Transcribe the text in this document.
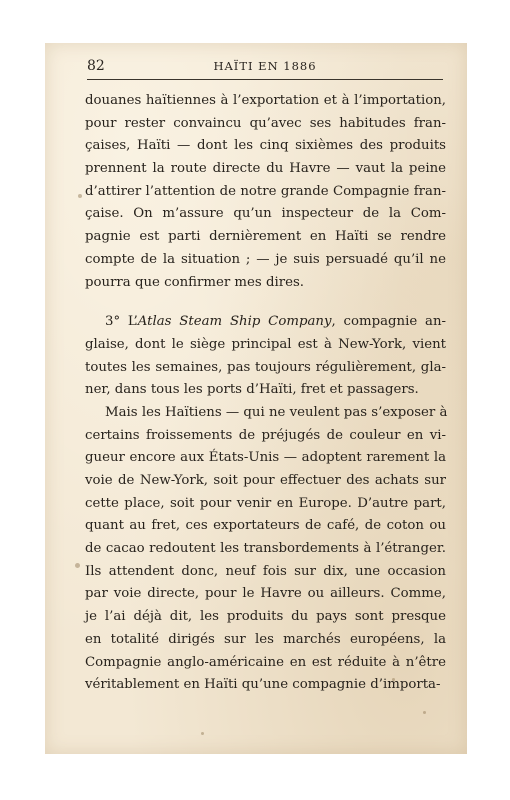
82	HAÏTI EN 1886
douanes haïtiennes à l’exportation et à l’importation,
pour rester convaincu qu’avec ses habitudes fran-
çaises, Haïti — dont les cinq sixièmes des produits
prennent la route directe du Havre — vaut la peine
d’attirer l’attention de notre grande Compagnie fran-
çaise. On m’assure qu’un inspecteur de la Com-
pagnie est parti dernièrement en Haïti se rendre
compte de la situation ; — je suis persuadé qu’il ne
pourra que confirmer mes dires.
3° L’Atlas Steam Ship Company, compagnie an-
glaise, dont le siège principal est à New-York, vient
toutes les semaines, pas toujours régulièrement, gla-
ner, dans tous les ports d’Haïti, fret et passagers.
Mais les Haïtiens — qui ne veulent pas s’exposer à
certains froissements de préjugés de couleur en vi-
gueur encore aux États-Unis — adoptent rarement la
voie de New-York, soit pour effectuer des achats sur
cette place, soit pour venir en Europe. D’autre part,
quant au fret, ces exportateurs de café, de coton ou
de cacao redoutent les transbordements à l’étranger.
Ils attendent donc, neuf fois sur dix, une occasion
par voie directe, pour le Havre ou ailleurs. Comme,
je l’ai déjà dit, les produits du pays sont presque
en totalité dirigés sur les marchés européens, la
Compagnie anglo-américaine en est réduite à n’être
véritablement en Haïti qu’une compagnie d’importa-
